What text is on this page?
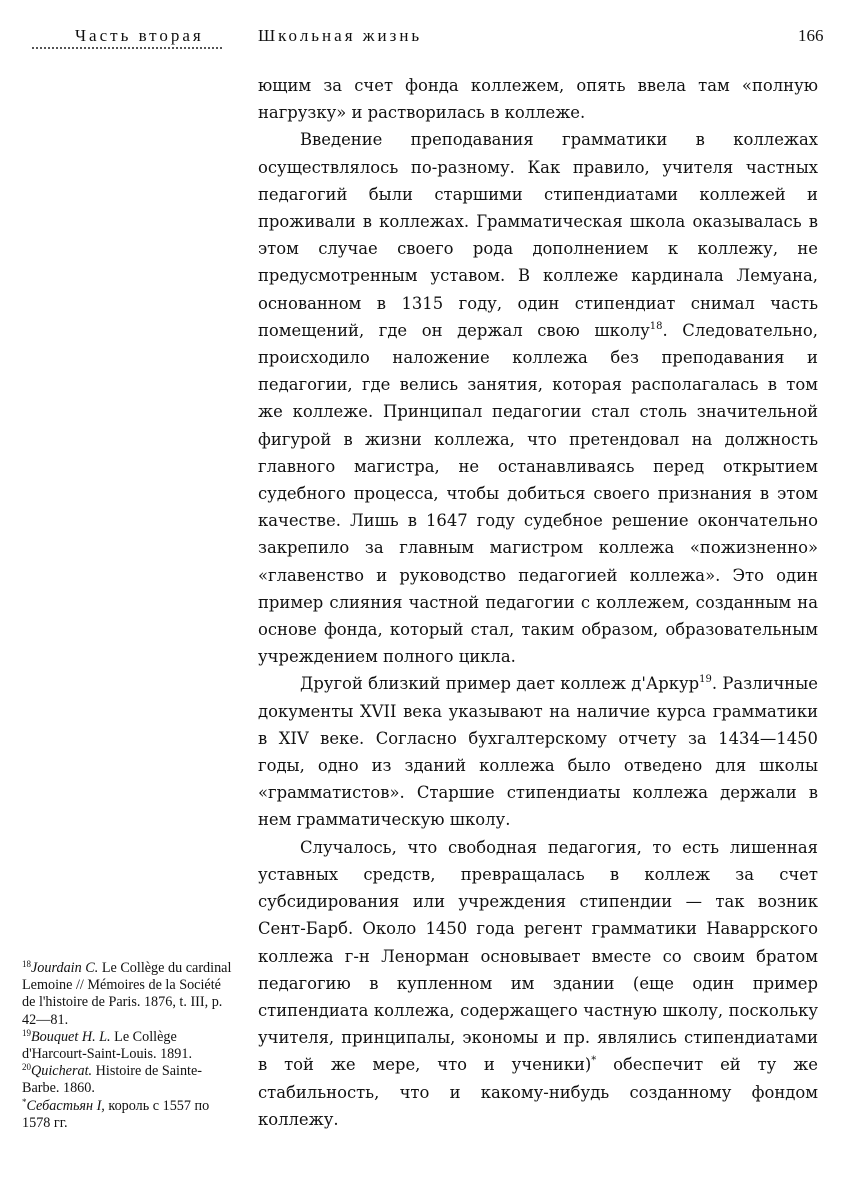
Часть вторая	Школьная жизнь	166

ющим за счет фонда коллежем, опять ввела там «полную нагрузку» и растворилась в коллеже.

Введение преподавания грамматики в коллежах осуществлялось по-разному. Как правило, учителя частных педагогий были старшими стипендиатами коллежей и проживали в коллежах. Грамматическая школа оказывалась в этом случае своего рода дополнением к коллежу, не предусмотренным уставом. В коллеже кардинала Лемуана, основанном в 1315 году, один стипендиат снимал часть помещений, где он держал свою школу$^{18}$. Следовательно, происходило наложение коллежа без преподавания и педагогии, где велись занятия, которая располагалась в том же коллеже. Принципал педагогии стал столь значительной фигурой в жизни коллежа, что претендовал на должность главного магистра, не останавливаясь перед открытием судебного процесса, чтобы добиться своего признания в этом качестве. Лишь в 1647 году судебное решение окончательно закрепило за главным магистром коллежа «пожизненно» «главенство и руководство педагогией коллежа». Это один пример слияния частной педагогии с коллежем, созданным на основе фонда, который стал, таким образом, образовательным учреждением полного цикла.

Другой близкий пример дает коллеж д'Аркур$^{19}$. Различные документы XVII века указывают на наличие курса грамматики в XIV веке. Согласно бухгалтерскому отчету за 1434—1450 годы, одно из зданий коллежа было отведено для школы «грамматистов». Старшие стипендиаты коллежа держали в нем грамматическую школу.

Случалось, что свободная педагогия, то есть лишенная уставных средств, превращалась в коллеж за счет субсидирования или учреждения стипендии — так возник Сент-Барб. Около 1450 года регент грамматики Наваррского коллежа г-н Ленорман основывает вместе со своим братом педагогию в купленном им здании (еще один пример стипендиата коллежа, содержащего частную школу, поскольку учителя, принципалы, экономы и пр. являлись стипендиатами в той же мере, что и ученики)* обеспечит ей ту же стабильность, что и какому-нибудь созданному фондом коллежу.

$^{18}$Jourdain C. Le Collège du cardinal Lemoine // Mémoires de la Société de l'histoire de Paris. 1876, t. III, p. 42—81.

$^{19}$Bouquet H. L. Le Collège d'Harcourt-Saint-Louis. 1891.

$^{20}$Quicherat. Histoire de Sainte-Barbe. 1860.

*Себастьян I, король с 1557 по 1578 гг.
